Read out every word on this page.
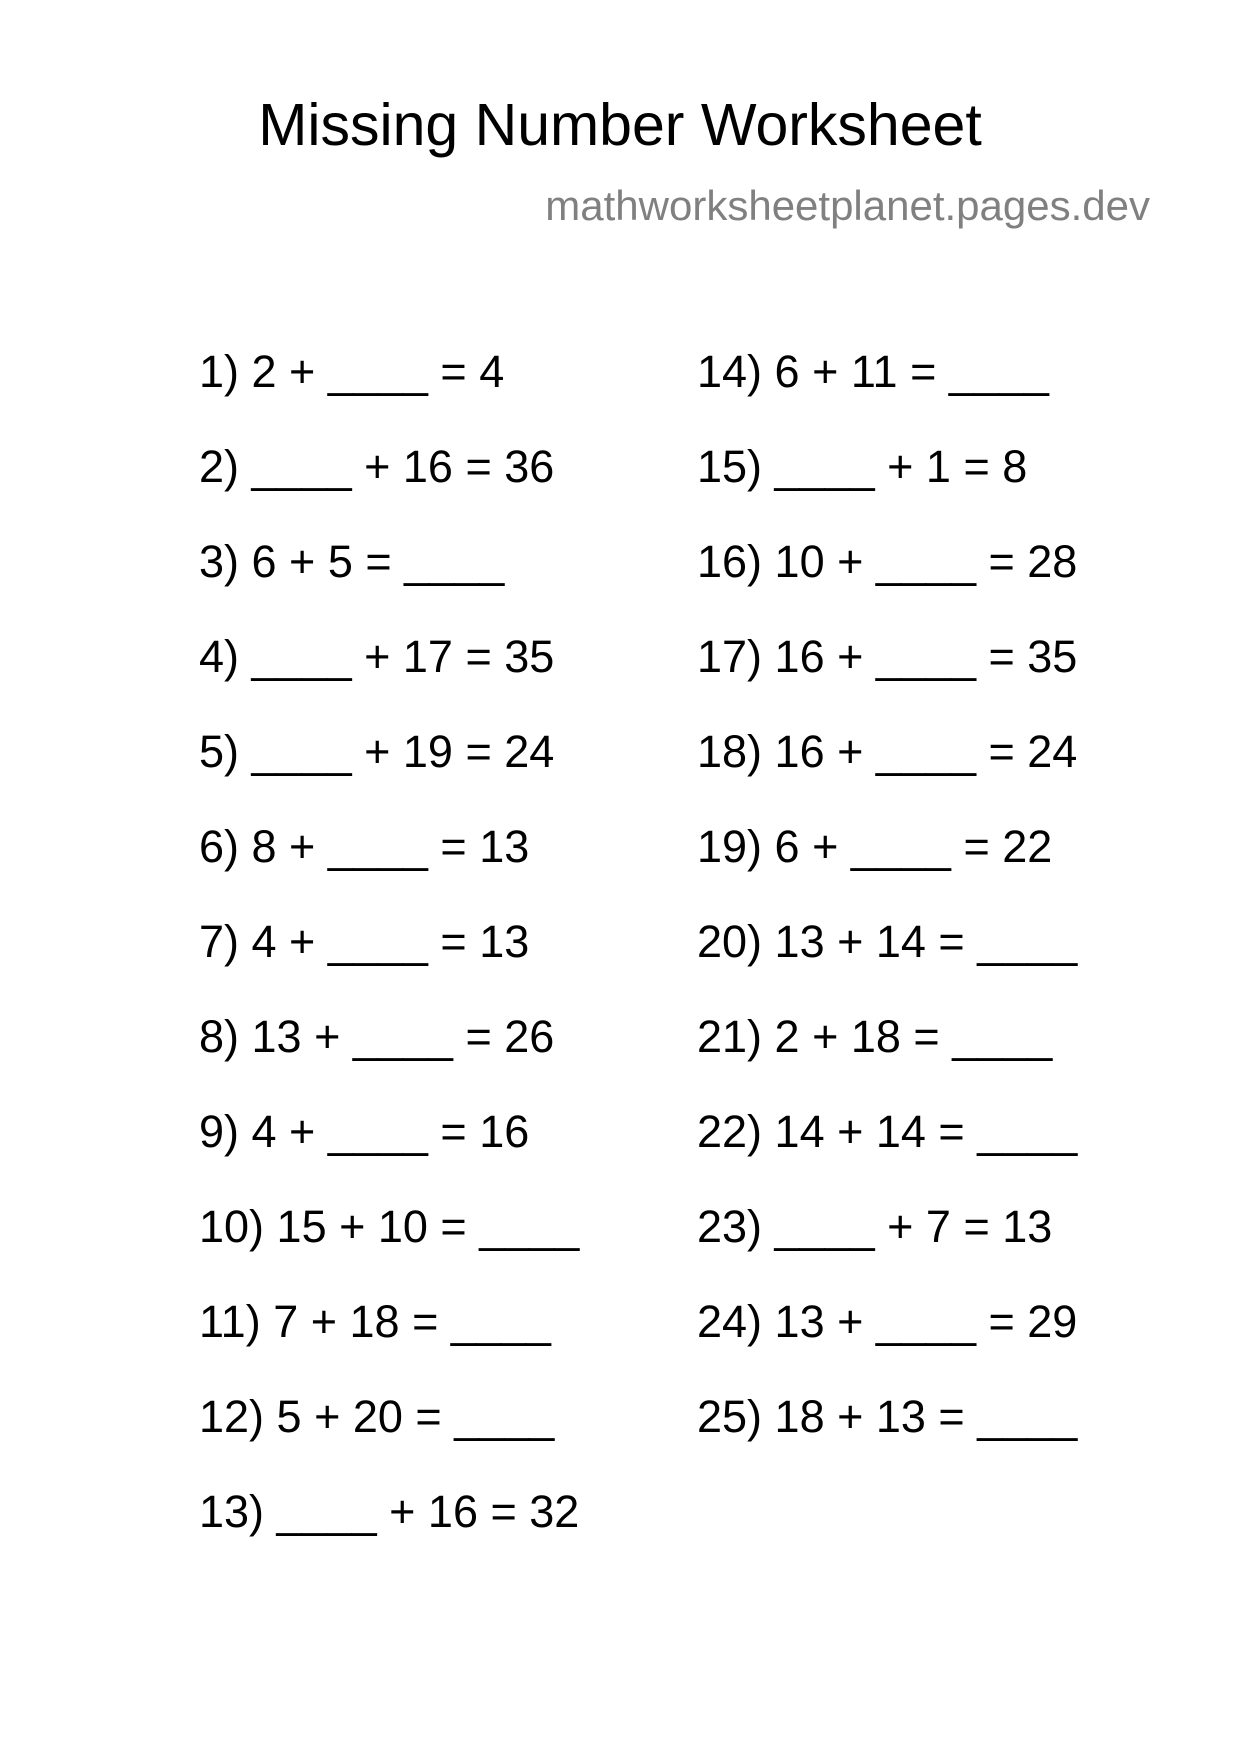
Missing Number Worksheet
mathworksheetplanet.pages.dev
1) 2 + ____ = 4
2) ____ + 16 = 36
3) 6 + 5 = ____
4) ____ + 17 = 35
5) ____ + 19 = 24
6) 8 + ____ = 13
7) 4 + ____ = 13
8) 13 + ____ = 26
9) 4 + ____ = 16
10) 15 + 10 = ____
11) 7 + 18 = ____
12) 5 + 20 = ____
13) ____ + 16 = 32
14) 6 + 11 = ____
15) ____ + 1 = 8
16) 10 + ____ = 28
17) 16 + ____ = 35
18) 16 + ____ = 24
19) 6 + ____ = 22
20) 13 + 14 = ____
21) 2 + 18 = ____
22) 14 + 14 = ____
23) ____ + 7 = 13
24) 13 + ____ = 29
25) 18 + 13 = ____
